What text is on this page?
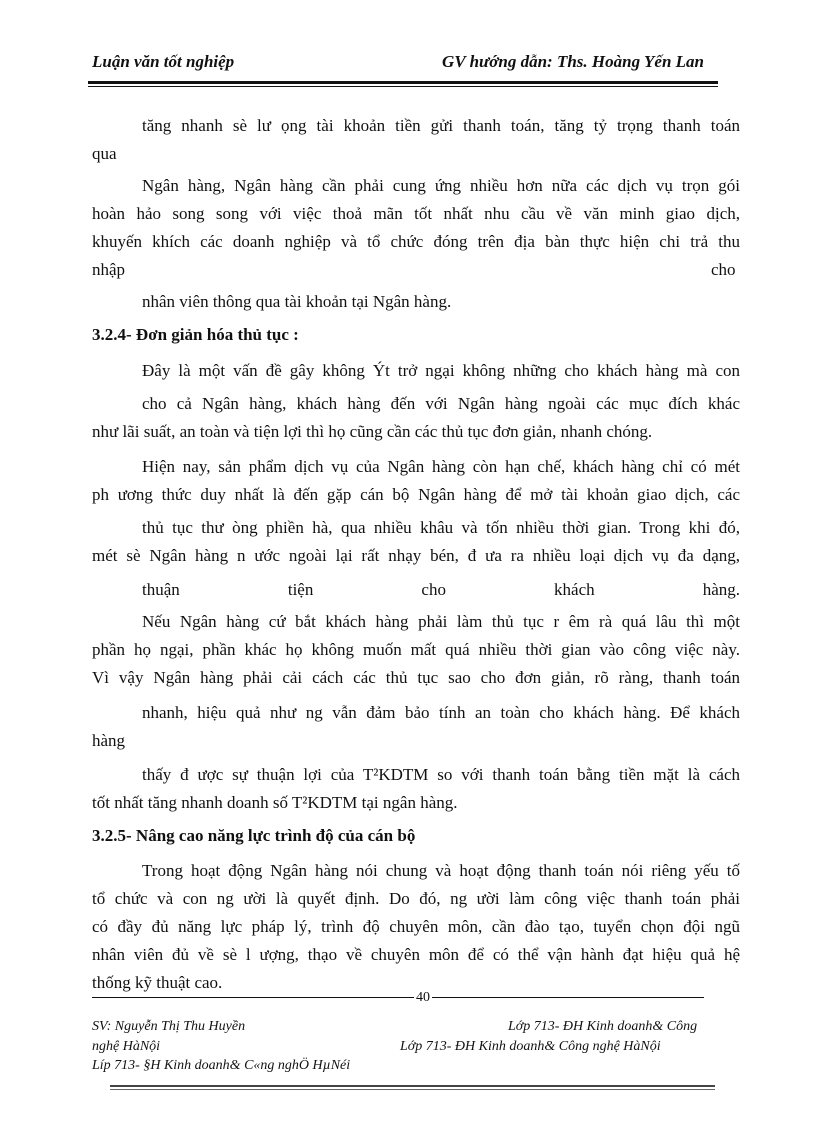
Luận văn tốt nghiệp	GV hướng dẫn: Ths. Hoàng Yến Lan
tăng nhanh sè lư ọng tài khoản tiền gửi thanh toán, tăng tỷ trọng thanh toán
qua
Ngân hàng, Ngân hàng cần phải cung ứng nhiều hơn nữa các dịch vụ trọn gói
hoàn hảo song song với việc thoả mãn tốt nhất nhu cầu về văn minh giao dịch,
khuyến khích các doanh nghiệp và tổ chức đóng trên địa bàn thực hiện chi trả thu
nhập	cho
nhân viên thông qua tài khoản tại Ngân hàng.
3.2.4- Đơn giản hóa thủ tục :
Đây là một vấn đề gây không Ýt trở ngại không những cho khách hàng mà con
cho cả Ngân hàng, khách hàng đến với Ngân hàng ngoài các mục đích khác
như lãi suất, an toàn và tiện lợi thì họ cũng cần các thủ tục đơn giản, nhanh chóng.
Hiện nay, sản phẩm dịch vụ của Ngân hàng còn hạn chế, khách hàng chỉ có mét
ph ương thức duy nhất là đến gặp cán bộ Ngân hàng để mở tài khoản giao dịch, các
thủ tục thư òng phiền hà, qua nhiều khâu và tốn nhiều thời gian. Trong khi đó,
mét sè Ngân hàng n ước ngoài lại rất nhạy bén, đ ưa ra nhiều loại dịch vụ đa dạng,
thuận tiện cho khách hàng.
Nếu Ngân hàng cứ bắt khách hàng phải làm thủ tục r êm rà quá lâu thì một
phần họ ngại, phần khác họ không muốn mất quá nhiều thời gian vào công việc này.
Vì vậy Ngân hàng phải cải cách các thủ tục sao cho đơn giản, rõ ràng, thanh toán
nhanh, hiệu quả như ng vẫn đảm bảo tính an toàn cho khách hàng. Để khách
hàng
thấy đ ược sự thuận lợi của T²KDTM so với thanh toán bằng tiền mặt là cách
tốt nhất tăng nhanh doanh số T²KDTM tại ngân hàng.
3.2.5- Nâng cao năng lực trình độ của cán bộ
Trong hoạt động Ngân hàng nói chung và hoạt động thanh toán nói riêng yếu tố
tổ chức và con ng ười là quyết định. Do đó, ng ười làm công việc thanh toán phải
có đầy đủ năng lực pháp lý, trình độ chuyên môn, cần đào tạo, tuyển chọn đội ngũ
nhân viên đủ về sè l ượng, thạo về chuyên môn để có thể vận hành đạt hiệu quả hệ
thống kỹ thuật cao.
40
SV: Nguyễn Thị Thu Huyền	Lớp 713- ĐH Kinh doanh& Công
nghệ HàNội	Lớp 713- ĐH Kinh doanh& Công nghệ HàNội
Líp 713- §H Kinh doanh& C«ng nghÖ HµNéi
